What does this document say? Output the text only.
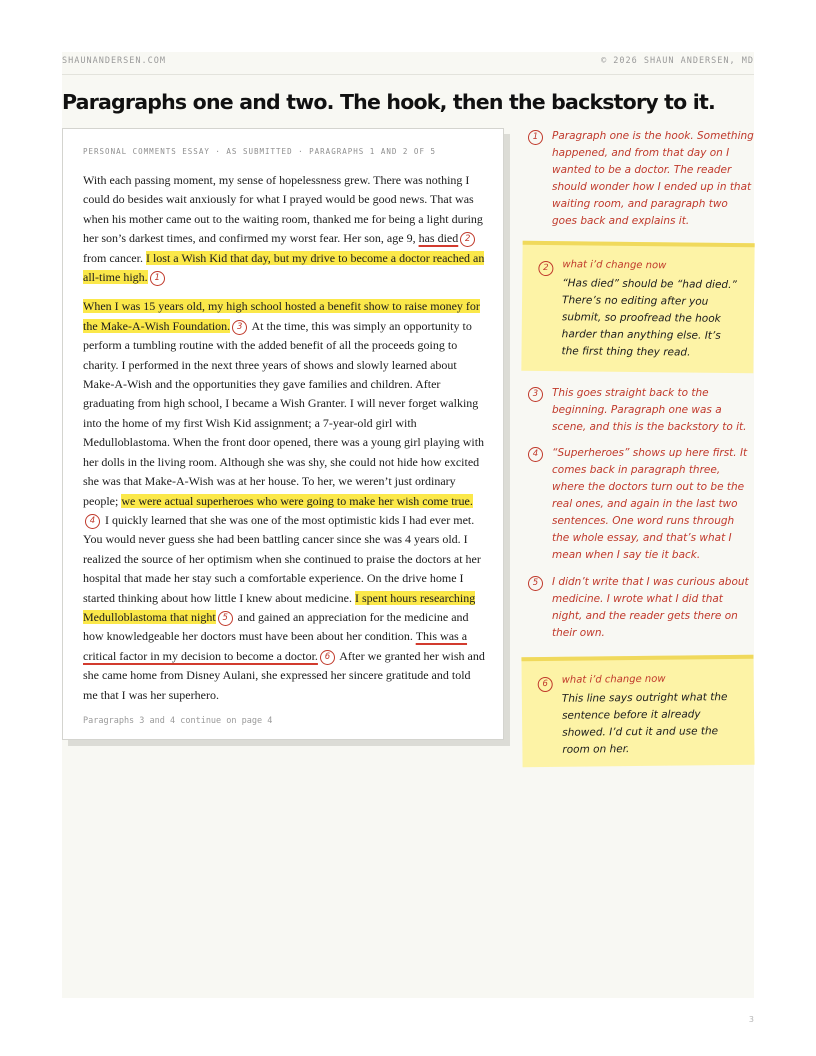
SHAUNANDERSEN.COM	© 2026 SHAUN ANDERSEN, MD
Paragraphs one and two. The hook, then the backstory to it.
PERSONAL COMMENTS ESSAY · AS SUBMITTED · PARAGRAPHS 1 AND 2 OF 5

With each passing moment, my sense of hopelessness grew. There was nothing I could do besides wait anxiously for what I prayed would be good news. That was when his mother came out to the waiting room, thanked me for being a light during her son’s darkest times, and confirmed my worst fear. Her son, age 9, has died 2 from cancer. I lost a Wish Kid that day, but my drive to become a doctor reached an all-time high. 1

When I was 15 years old, my high school hosted a benefit show to raise money for the Make-A-Wish Foundation. 3 At the time, this was simply an opportunity to perform a tumbling routine with the added benefit of all the proceeds going to charity. I performed in the next three years of shows and slowly learned about Make-A-Wish and the opportunities they gave families and children. After graduating from high school, I became a Wish Granter. I will never forget walking into the home of my first Wish Kid assignment; a 7-year-old girl with Medulloblastoma. When the front door opened, there was a young girl playing with her dolls in the living room. Although she was shy, she could not hide how excited she was that Make-A-Wish was at her house. To her, we weren’t just ordinary people; we were actual superheroes who were going to make her wish come true.4 I quickly learned that she was one of the most optimistic kids I had ever met. You would never guess she had been battling cancer since she was 4 years old. I realized the source of her optimism when she continued to praise the doctors at her hospital that made her stay such a comfortable experience. On the drive home I started thinking about how little I knew about medicine. I spent hours researching Medulloblastoma that night 5 and gained an appreciation for the medicine and how knowledgeable her doctors must have been about her condition. This was a critical factor in my decision to become a doctor. 6 After we granted her wish and she came home from Disney Aulani, she expressed her sincere gratitude and told me that I was her superhero.

Paragraphs 3 and 4 continue on page 4
1	Paragraph one is the hook. Something happened, and from that day on I wanted to be a doctor. The reader should wonder how I ended up in that waiting room, and paragraph two goes back and explains it.
2	what i’d change now
“Has died” should be “had died.” There’s no editing after you submit, so proofread the hook harder than anything else. It’s the first thing they read.
3	This goes straight back to the beginning. Paragraph one was a scene, and this is the backstory to it.
4	“Superheroes” shows up here first. It comes back in paragraph three, where the doctors turn out to be the real ones, and again in the last two sentences. One word runs through the whole essay, and that’s what I mean when I say tie it back.
5	I didn’t write that I was curious about medicine. I wrote what I did that night, and the reader gets there on their own.
6	what i’d change now
This line says outright what the sentence before it already showed. I’d cut it and use the room on her.
3
